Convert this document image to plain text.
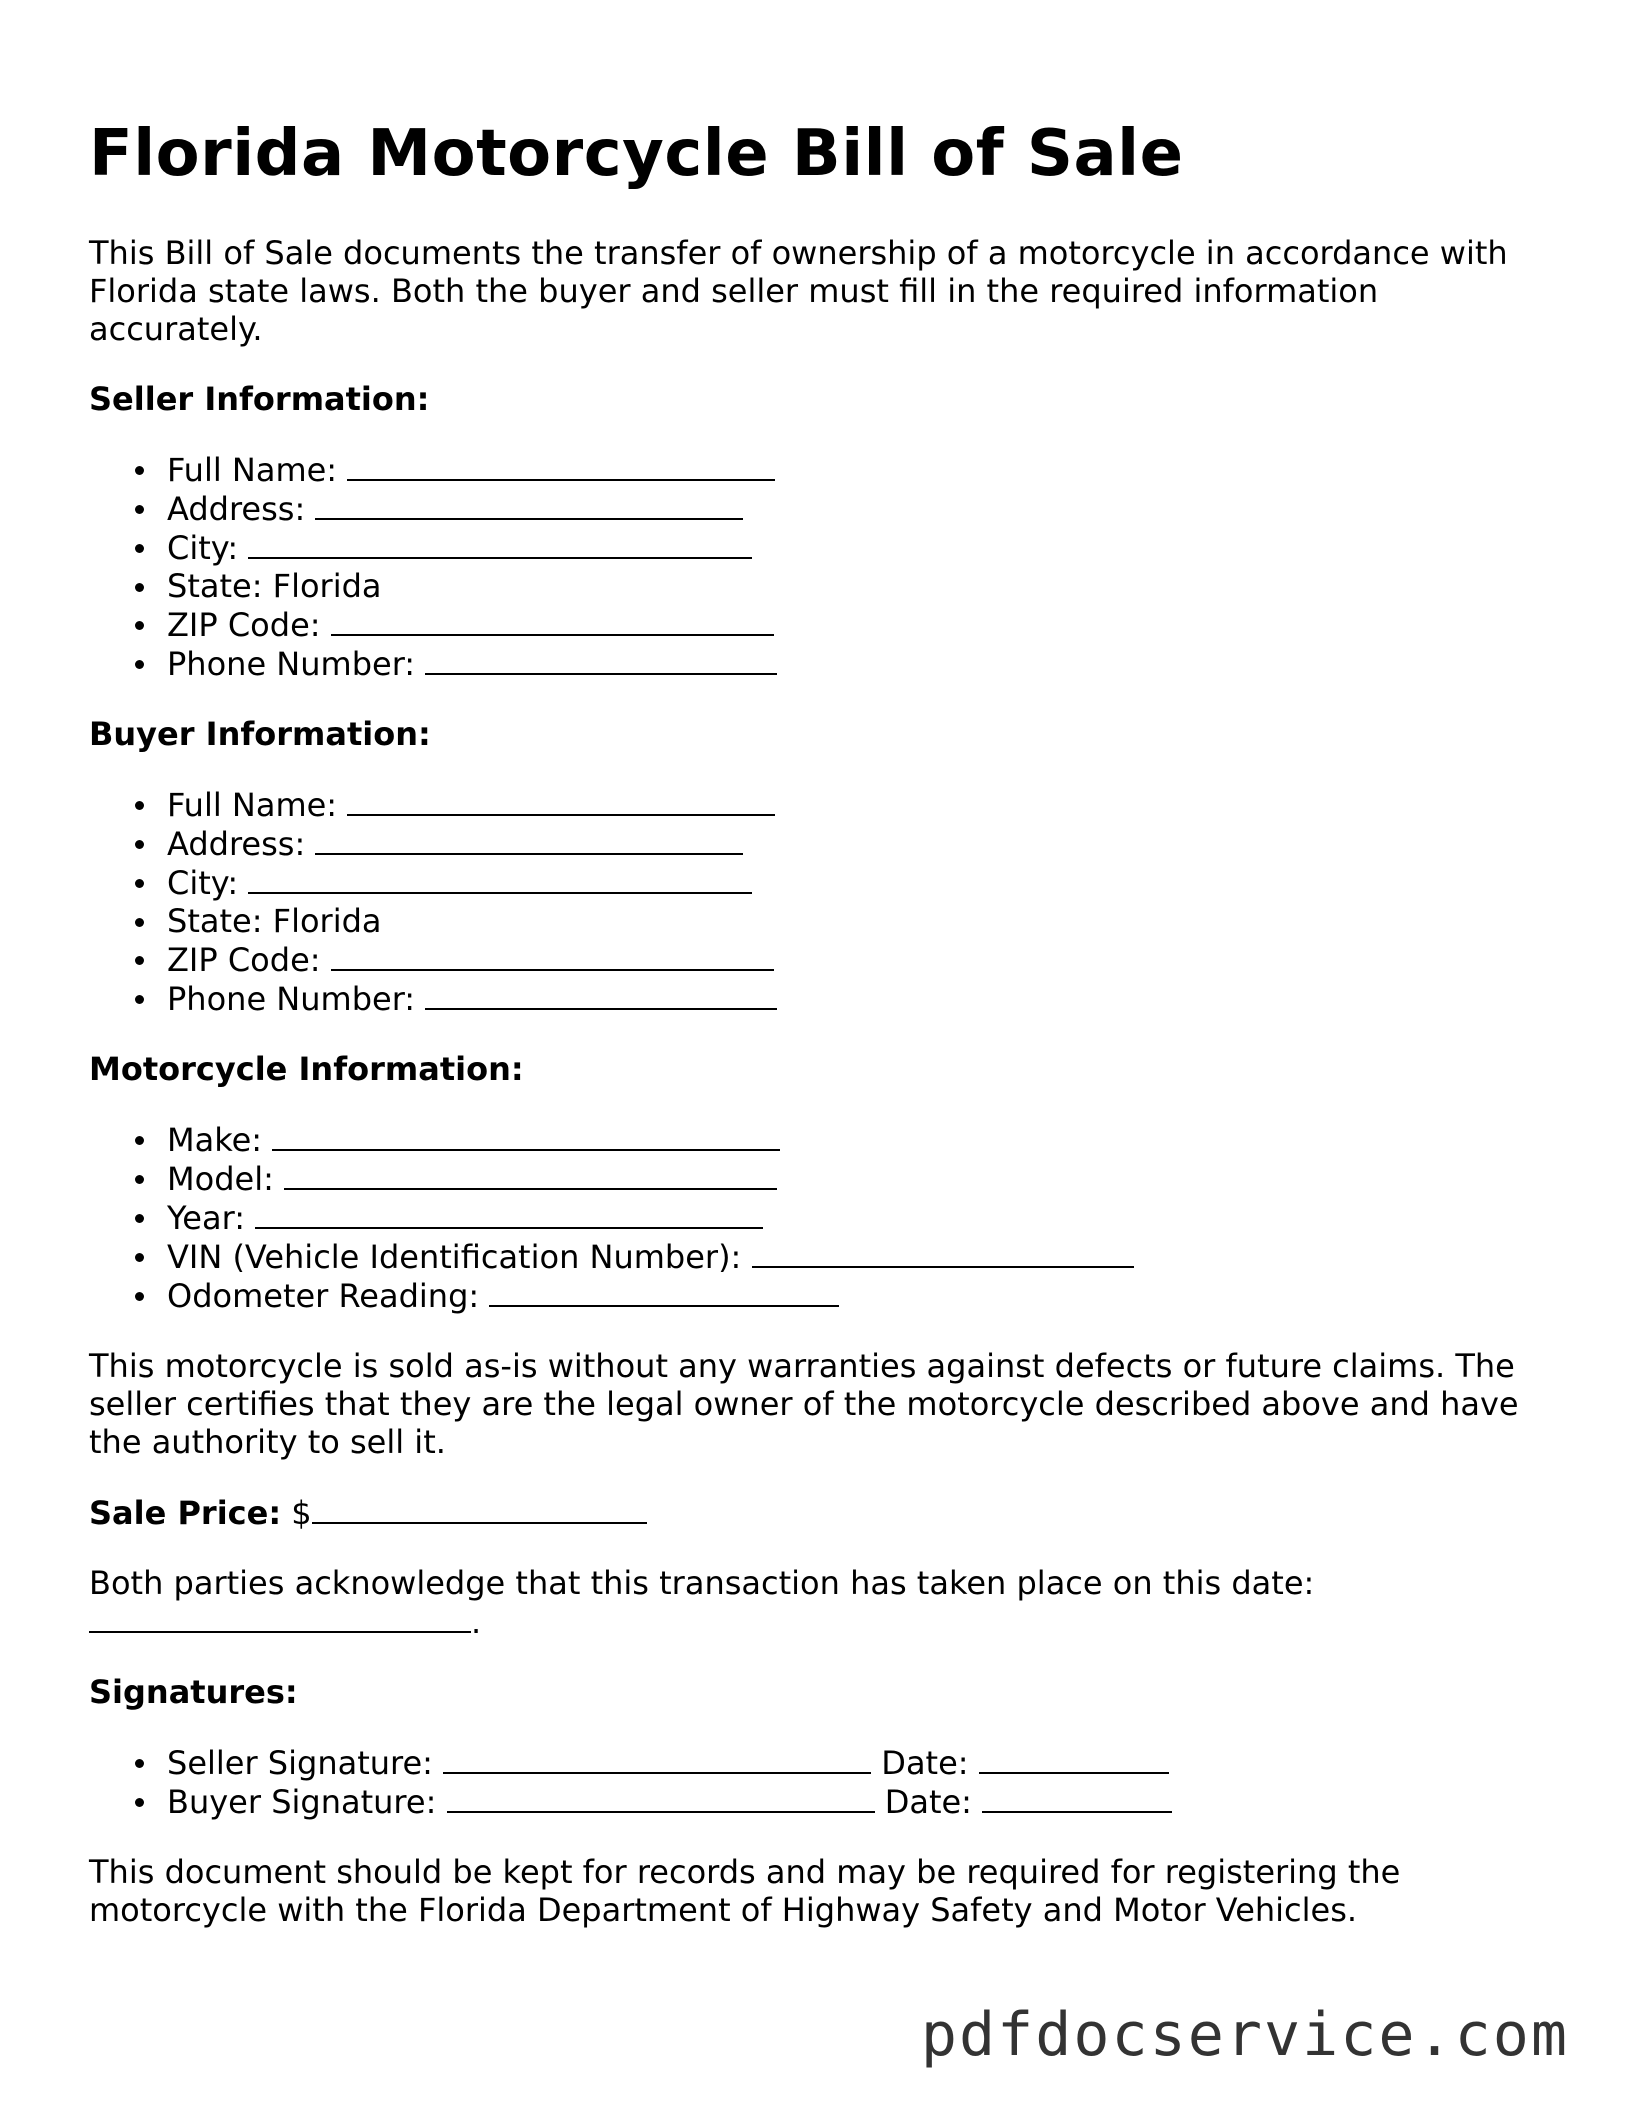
Florida Motorcycle Bill of Sale

This Bill of Sale documents the transfer of ownership of a motorcycle in accordance with Florida state laws. Both the buyer and seller must fill in the required information accurately.

Seller Information:
Full Name:
Address:
City:
State: Florida
ZIP Code:
Phone Number:
Buyer Information:
Full Name:
Address:
City:
State: Florida
ZIP Code:
Phone Number:
Motorcycle Information:
Make:
Model:
Year:
VIN (Vehicle Identification Number):
Odometer Reading:

This motorcycle is sold as-is without any warranties against defects or future claims. The seller certifies that they are the legal owner of the motorcycle described above and have the authority to sell it.

Sale Price: $

Both parties acknowledge that this transaction has taken place on this date:
.

Signatures:
Seller Signature:	Date:
Buyer Signature:	Date:

This document should be kept for records and may be required for registering the motorcycle with the Florida Department of Highway Safety and Motor Vehicles.

pdfdocservice.com
